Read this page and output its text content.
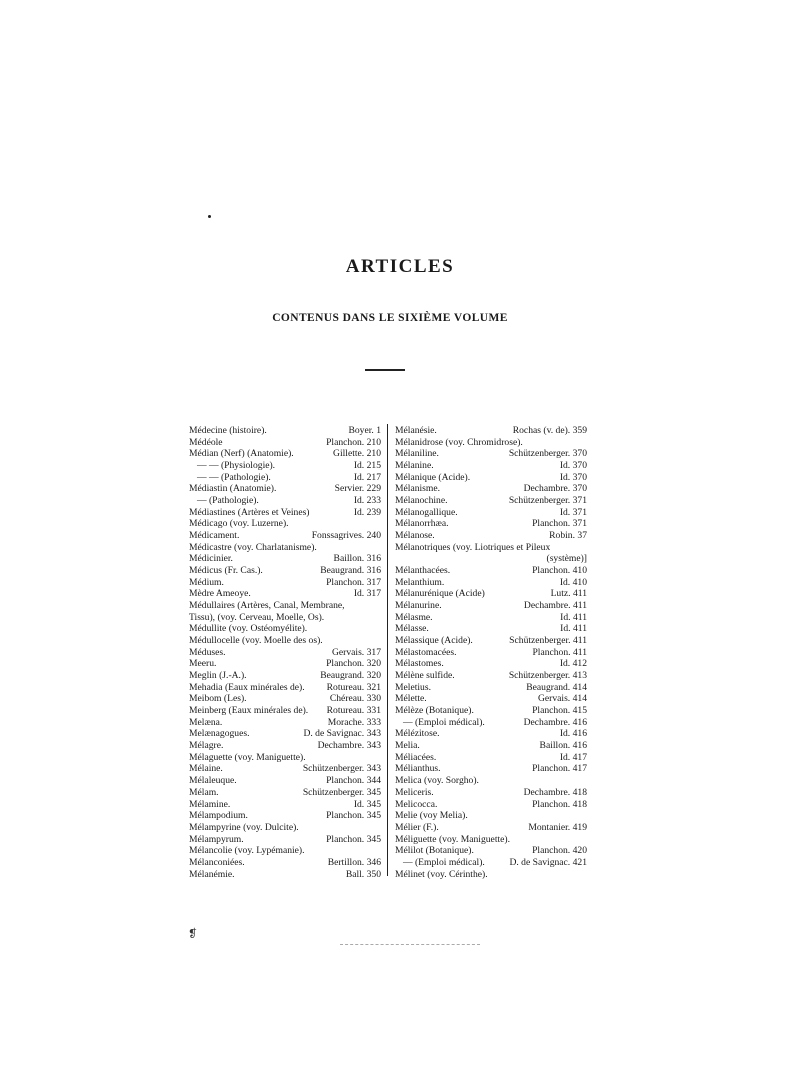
ARTICLES
CONTENUS DANS LE SIXIÈME VOLUME
Médecine (histoire).	Boyer. 1
Médéole	Planchon. 210
Médian (Nerf) (Anatomie).	Gillette. 210
— — (Physiologie).	Id. 215
— — (Pathologie).	Id. 217
Médiastin (Anatomie).	Servier. 229
— (Pathologie).	Id. 233
Médiastines (Artères et Veines)	Id. 239
Médicago (voy. Luzerne).
Médicament.	Fonssagrives. 240
Médicastre (voy. Charlatanisme).
Médicinier.	Baillon. 316
Médicus (Fr. Cas.).	Beaugrand. 316
Médium.	Planchon. 317
Mèdre Ameoye.	Id. 317
Médullaires (Artères, Canal, Membrane,
Tissu), (voy. Cerveau, Moelle, Os).
Médullite (voy. Ostéomyélite).
Médullocelle (voy. Moelle des os).
Méduses.	Gervais. 317
Meeru.	Planchon. 320
Meglin (J.-A.).	Beaugrand. 320
Mehadia (Eaux minérales de).	Rotureau. 321
Meibom (Les).	Chéreau. 330
Meinberg (Eaux minérales de).	Rotureau. 331
Melæna.	Morache. 333
Melænagogues.	D. de Savignac. 343
Mélagre.	Dechambre. 343
Mélaguette (voy. Maniguette).
Mélaine.	Schützenberger. 343
Mélaleuque.	Planchon. 344
Mélam.	Schützenberger. 345
Mélamine.	Id. 345
Mélampodium.	Planchon. 345
Mélampyrine (voy. Dulcite).
Mélampyrum.	Planchon. 345
Mélancolie (voy. Lypémanie).
Mélanconiées.	Bertillon. 346
Mélanémie.	Ball. 350
Mélanésie.	Rochas (v. de). 359
Mélanidrose (voy. Chromidrose).
Mélaniline.	Schützenberger. 370
Mélanine.	Id. 370
Mélanique (Acide).	Id. 370
Mélanisme.	Dechambre. 370
Mélanochine.	Schützenberger. 371
Mélanogallique.	Id. 371
Mélanorrhæa.	Planchon. 371
Mélanose.	Robin. 37
Mélanotriques (voy. Liotriques et Pileux
(système)]
Mélanthacées.	Planchon. 410
Melanthium.	Id. 410
Mélanurénique (Acide)	Lutz. 411
Mélanurine.	Dechambre. 411
Mélasme.	Id. 411
Mélasse.	Id. 411
Mélassique (Acide).	Schützenberger. 411
Mélastomacées.	Planchon. 411
Mélastomes.	Id. 412
Mélène sulfide.	Schützenberger. 413
Meletius.	Beaugrand. 414
Mélette.	Gervais. 414
Mélèze (Botanique).	Planchon. 415
— (Emploi médical).	Dechambre. 416
Mélézitose.	Id. 416
Melia.	Baillon. 416
Méliacées.	Id. 417
Mélianthus.	Planchon. 417
Melica (voy. Sorgho).
Meliceris.	Dechambre. 418
Melicocca.	Planchon. 418
Melie (voy Melia).
Mélier (F.).	Montanier. 419
Méliguette (voy. Maniguette).
Mélilot (Botanique).	Planchon. 420
— (Emploi médical).	D. de Savignac. 421
Mélinet (voy. Cérinthe).
❡
